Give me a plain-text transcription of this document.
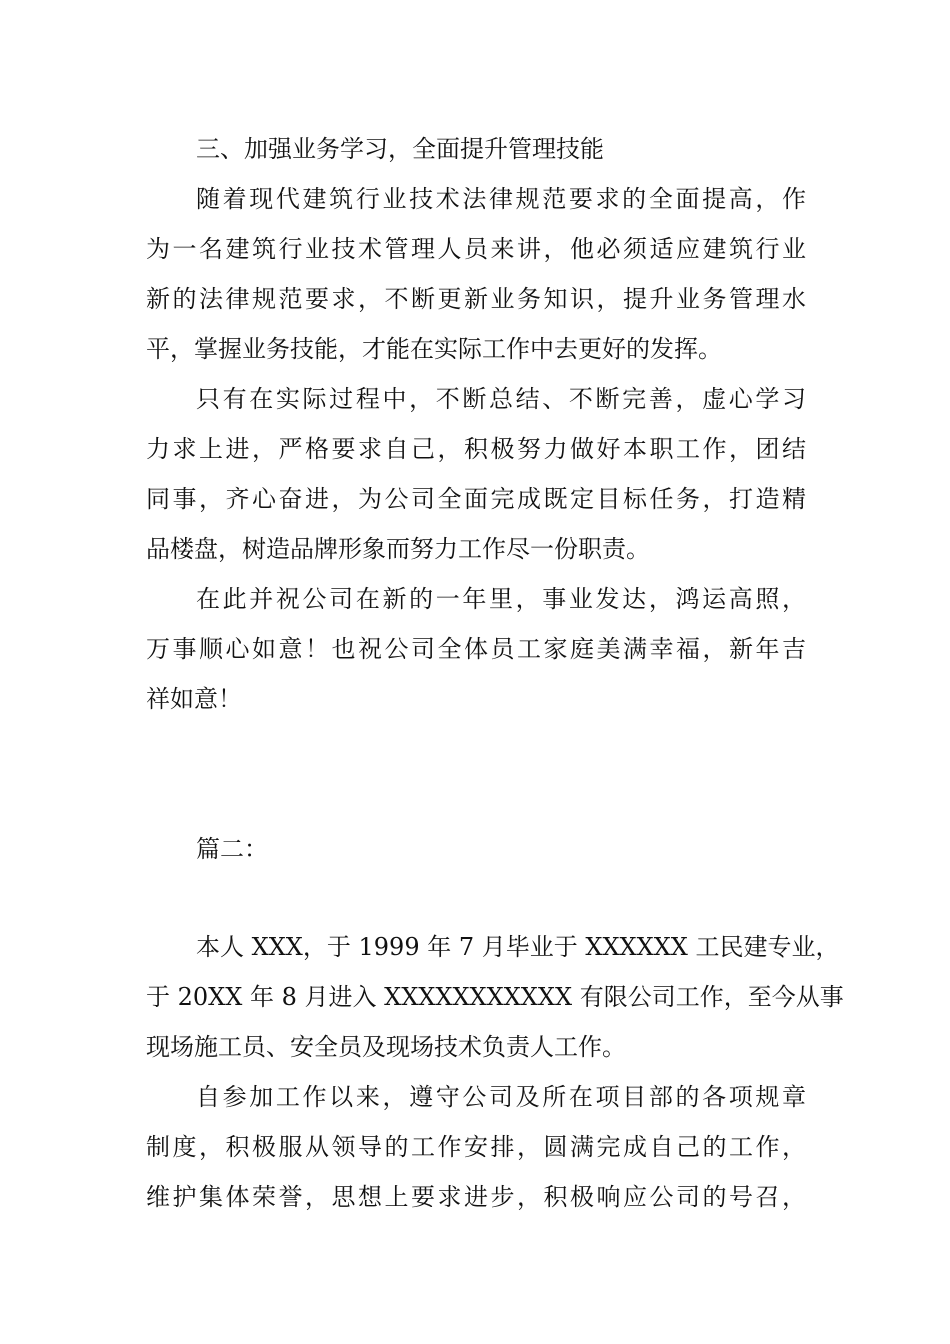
三、加强业务学习，全面提升管理技能
随着现代建筑行业技术法律规范要求的全面提高，作
为一名建筑行业技术管理人员来讲，他必须适应建筑行业
新的法律规范要求，不断更新业务知识，提升业务管理水
平，掌握业务技能，才能在实际工作中去更好的发挥。
只有在实际过程中，不断总结、不断完善，虚心学习
力求上进，严格要求自己，积极努力做好本职工作，团结
同事，齐心奋进，为公司全面完成既定目标任务，打造精
品楼盘，树造品牌形象而努力工作尽一份职责。
在此并祝公司在新的一年里，事业发达，鸿运高照，
万事顺心如意！也祝公司全体员工家庭美满幸福，新年吉
祥如意！
篇二：
本人 XXX，于 1999 年 7 月毕业于 XXXXXX 工民建专业，
于 20XX 年 8 月进入 XXXXXXXXXXX 有限公司工作，至今从事
现场施工员、安全员及现场技术负责人工作。
自参加工作以来，遵守公司及所在项目部的各项规章
制度，积极服从领导的工作安排，圆满完成自己的工作，
维护集体荣誉，思想上要求进步，积极响应公司的号召，
